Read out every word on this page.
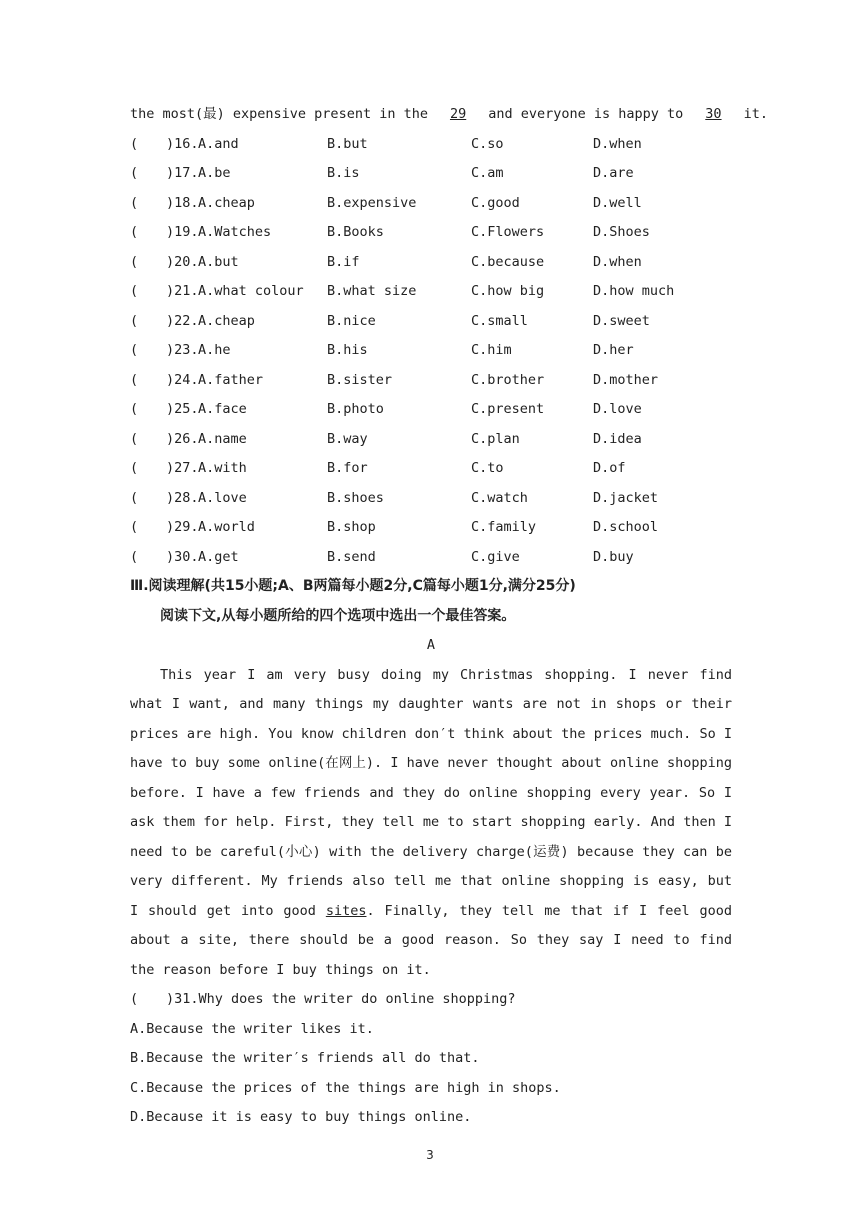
the most(最) expensive present in the 29 and everyone is happy to 30 it.
( )16. A.and	B.but	C.so	D.when
( )17. A.be	B.is	C.am	D.are
( )18. A.cheap	B.expensive	C.good	D.well
( )19. A.Watches	B.Books	C.Flowers	D.Shoes
( )20. A.but	B.if	C.because	D.when
( )21. A.what colour B.what size	C.how big	D.how much
( )22. A.cheap	B.nice	C.small	D.sweet
( )23. A.he	B.his	C.him	D.her
( )24. A.father	B.sister	C.brother	D.mother
( )25. A.face	B.photo	C.present	D.love
( )26. A.name	B.way	C.plan	D.idea
( )27. A.with	B.for	C.to	D.of
( )28. A.love	B.shoes	C.watch	D.jacket
( )29. A.world	B.shop	C.family	D.school
( )30. A.get	B.send	C.give	D.buy
Ⅲ.阅读理解(共15小题;A、B两篇每小题2分,C篇每小题1分,满分25分)
阅读下文,从每小题所给的四个选项中选出一个最佳答案。
A
This year I am very busy doing my Christmas shopping. I never find what I want, and many things my daughter wants are not in shops or their prices are high. You know children don′t think about the prices much. So I have to buy some online(在网上). I have never thought about online shopping before. I have a few friends and they do online shopping every year. So I ask them for help. First, they tell me to start shopping early. And then I need to be careful(小心) with the delivery charge(运费) because they can be very different. My friends also tell me that online shopping is easy, but I should get into good sites. Finally, they tell me that if I feel good about a site, there should be a good reason. So they say I need to find the reason before I buy things on it.
( )31.Why does the writer do online shopping?
A.Because the writer likes it.
B.Because the writer′s friends all do that.
C.Because the prices of the things are high in shops.
D.Because it is easy to buy things online.
3
